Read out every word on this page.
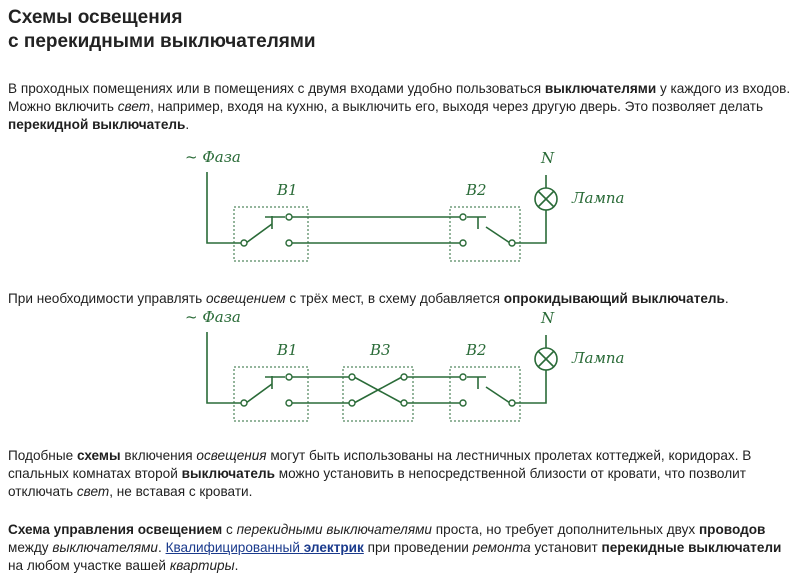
Схемы освещения
с перекидными выключателями

В проходных помещениях или в помещениях с двумя входами удобно пользоваться выключателями у каждого из входов. Можно включить свет, например, входя на кухню, а выключить его, выходя через другую дверь. Это позволяет делать перекидной выключатель.

~ Фаза	N
Лампа
B1	B2

При необходимости управлять освещением с трёх мест, в схему добавляется опрокидывающий выключатель.

~ Фаза	N
Лампа
B1	B3	B2

Подобные схемы включения освещения могут быть использованы на лестничных пролетах коттеджей, коридорах. В спальных комнатах второй выключатель можно установить в непосредственной близости от кровати, что позволит отключать свет, не вставая с кровати.

Схема управления освещением с перекидными выключателями проста, но требует дополнительных двух проводов между выключателями. Квалифицированный электрик при проведении ремонта установит перекидные выключатели на любом участке вашей квартиры.
